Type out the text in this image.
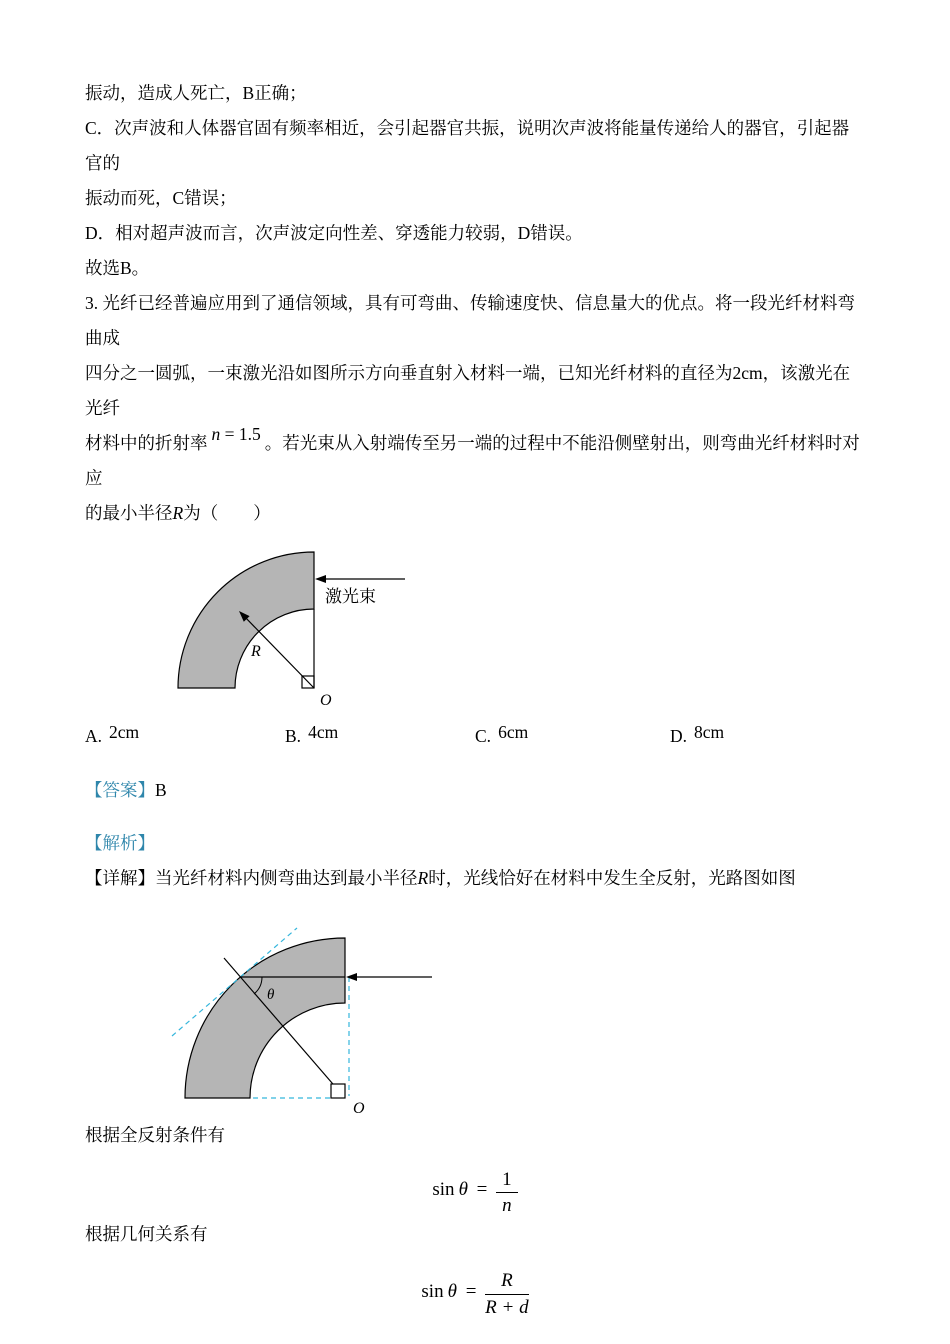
振动，造成人死亡，B正确；

C．次声波和人体器官固有频率相近，会引起器官共振，说明次声波将能量传递给人的器官，引起器官的

振动而死，C错误；

D．相对超声波而言，次声波定向性差、穿透能力较弱，D错误。

故选B。

3. 光纤已经普遍应用到了通信领域，具有可弯曲、传输速度快、信息量大的优点。将一段光纤材料弯曲成

四分之一圆弧，一束激光沿如图所示方向垂直射入材料一端，已知光纤材料的直径为2cm，该激光在光纤

材料中的折射率 n = 1.5 。若光束从入射端传至另一端的过程中不能沿侧壁射出，则弯曲光纤材料时对应

的最小半径R为（　　）

激光束
R
O
A. 2cm	B. 4cm	C. 6cm	D. 8cm

【答案】B

【解析】

【详解】当光纤材料内侧弯曲达到最小半径R时，光线恰好在材料中发生全反射，光路图如图

θ
O

根据全反射条件有

$\sin \theta = \frac{1}{n}$

根据几何关系有

$\sin \theta = \frac{R}{R + d}$
